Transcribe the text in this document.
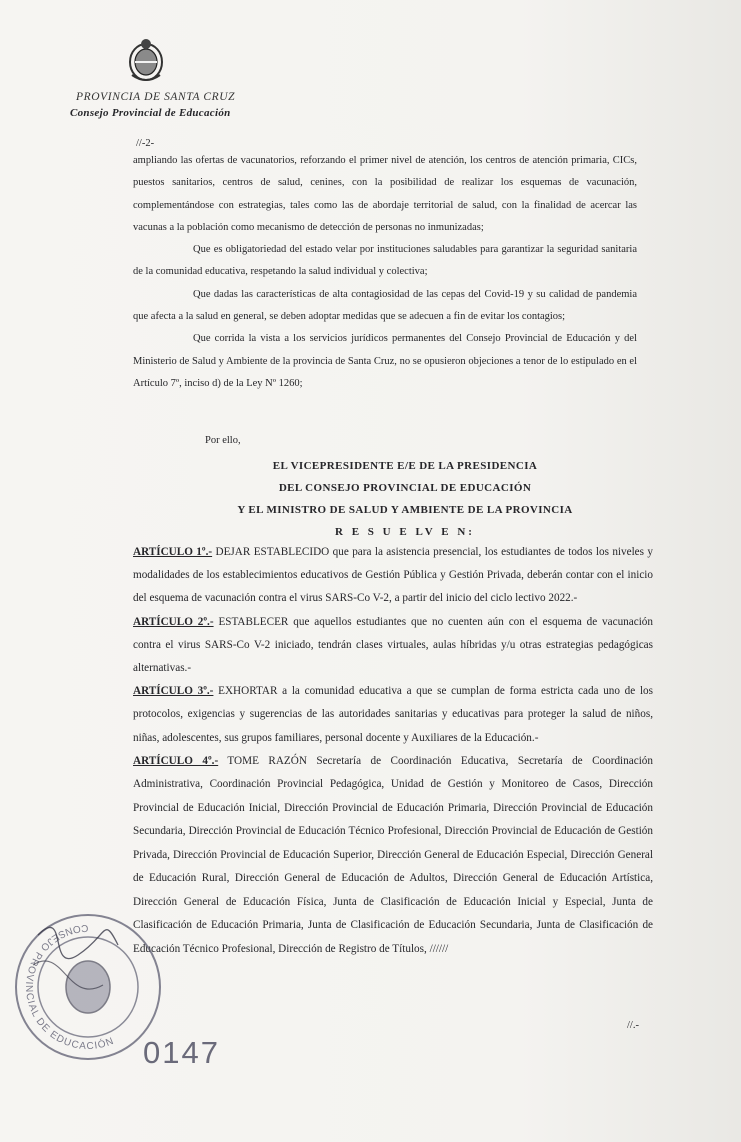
PROVINCIA DE SANTA CRUZ
Consejo Provincial de Educación
//-2-
ampliando las ofertas de vacunatorios, reforzando el primer nivel de atención, los centros de atención primaria, CICs, puestos sanitarios, centros de salud, cenines, con la posibilidad de realizar los esquemas de vacunación, complementándose con estrategias, tales como las de abordaje territorial de salud, con la finalidad de acercar las vacunas a la población como mecanismo de detección de personas no inmunizadas;
Que es obligatoriedad del estado velar por instituciones saludables para garantizar la seguridad sanitaria de la comunidad educativa, respetando la salud individual y colectiva;
Que dadas las características de alta contagiosidad de las cepas del Covid-19 y su calidad de pandemia que afecta a la salud en general, se deben adoptar medidas que se adecuen a fin de evitar los contagios;
Que corrida la vista a los servicios jurídicos permanentes del Consejo Provincial de Educación y del Ministerio de Salud y Ambiente de la provincia de Santa Cruz, no se opusieron objeciones a tenor de lo estipulado en el Artículo 7º, inciso d) de la Ley Nº 1260;
Por ello,
EL VICEPRESIDENTE E/E DE LA PRESIDENCIA
DEL CONSEJO PROVINCIAL DE EDUCACIÓN
Y EL MINISTRO DE SALUD Y AMBIENTE DE LA PROVINCIA
R E S U E LV E N:
ARTÍCULO 1º.- DEJAR ESTABLECIDO que para la asistencia presencial, los estudiantes de todos los niveles y modalidades de los establecimientos educativos de Gestión Pública y Gestión Privada, deberán contar con el inicio del esquema de vacunación contra el virus SARS-Co V-2, a partir del inicio del ciclo lectivo 2022.-
ARTÍCULO 2º.- ESTABLECER que aquellos estudiantes que no cuenten aún con el esquema de vacunación contra el virus SARS-Co V-2 iniciado, tendrán clases virtuales, aulas híbridas y/u otras estrategias pedagógicas alternativas.-
ARTÍCULO 3º.- EXHORTAR a la comunidad educativa a que se cumplan de forma estricta cada uno de los protocolos, exigencias y sugerencias de las autoridades sanitarias y educativas para proteger la salud de niños, niñas, adolescentes, sus grupos familiares, personal docente y Auxiliares de la Educación.-
ARTÍCULO 4º.- TOME RAZÓN Secretaría de Coordinación Educativa, Secretaría de Coordinación Administrativa, Coordinación Provincial Pedagógica, Unidad de Gestión y Monitoreo de Casos, Dirección Provincial de Educación Inicial, Dirección Provincial de Educación Primaria, Dirección Provincial de Educación Secundaria, Dirección Provincial de Educación Técnico Profesional, Dirección Provincial de Educación de Gestión Privada, Dirección Provincial de Educación Superior, Dirección General de Educación Especial, Dirección General de Educación Rural, Dirección General de Educación de Adultos, Dirección General de Educación Artística, Dirección General de Educación Física, Junta de Clasificación de Educación Inicial y Especial, Junta de Clasificación de Educación Primaria, Junta de Clasificación de Educación Secundaria, Junta de Clasificación de Educación Técnico Profesional, Dirección de Registro de Títulos, //////
//.-
CONSEJO PROVINCIAL DE EDUCACIÓN 0147
